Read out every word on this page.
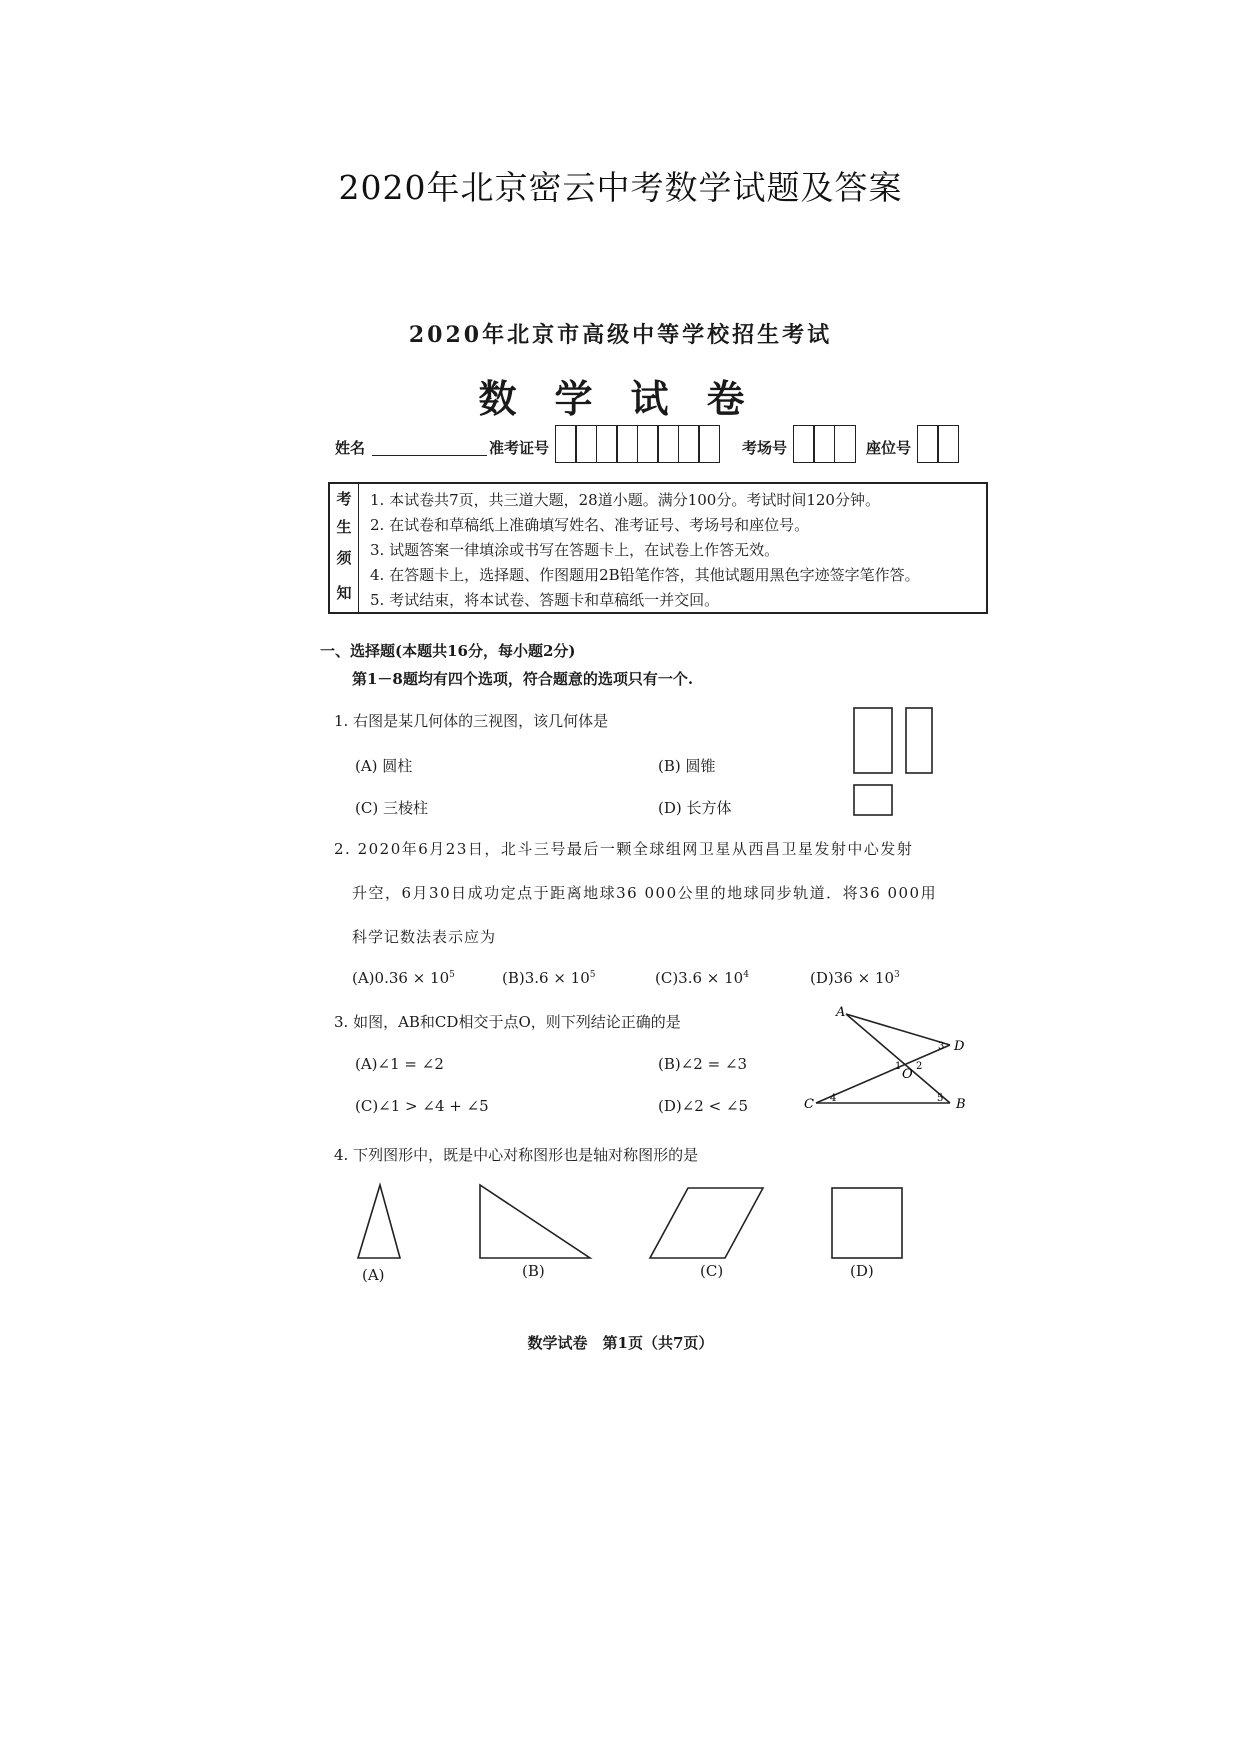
2020年北京密云中考数学试题及答案
2020年北京市高级中等学校招生考试
数学试卷
姓名	准考证号	考场号	座位号
考
生
须
知
1. 本试卷共7页，共三道大题，28道小题。满分100分。考试时间120分钟。
2. 在试卷和草稿纸上准确填写姓名、准考证号、考场号和座位号。
3. 试题答案一律填涂或书写在答题卡上，在试卷上作答无效。
4. 在答题卡上，选择题、作图题用2B铅笔作答，其他试题用黑色字迹签字笔作答。
5. 考试结束，将本试卷、答题卡和草稿纸一并交回。
一、选择题(本题共16分，每小题2分)
第1－8题均有四个选项，符合题意的选项只有一个.
1. 右图是某几何体的三视图，该几何体是
(A) 圆柱	(B) 圆锥
(C) 三棱柱	(D) 长方体
2. 2020年6月23日，北斗三号最后一颗全球组网卫星从西昌卫星发射中心发射
升空，6月30日成功定点于距离地球36 000公里的地球同步轨道．将36 000用
科学记数法表示应为
$(A)0.36 \times 10^5$	$(B)3.6 \times 10^5$	$(C)3.6 \times 10^4$	$(D)36 \times 10^3$
3. 如图，AB和CD相交于点O，则下列结论正确的是
(A)∠1 = ∠2	(B)∠2 = ∠3
(C)∠1 > ∠4 + ∠5	(D)∠2 < ∠5
A
D
O
C	B
1 2
3
4	5
4. 下列图形中，既是中心对称图形也是轴对称图形的是
(A)	(B)	(C)	(D)
数学试卷　第1页（共7页）
